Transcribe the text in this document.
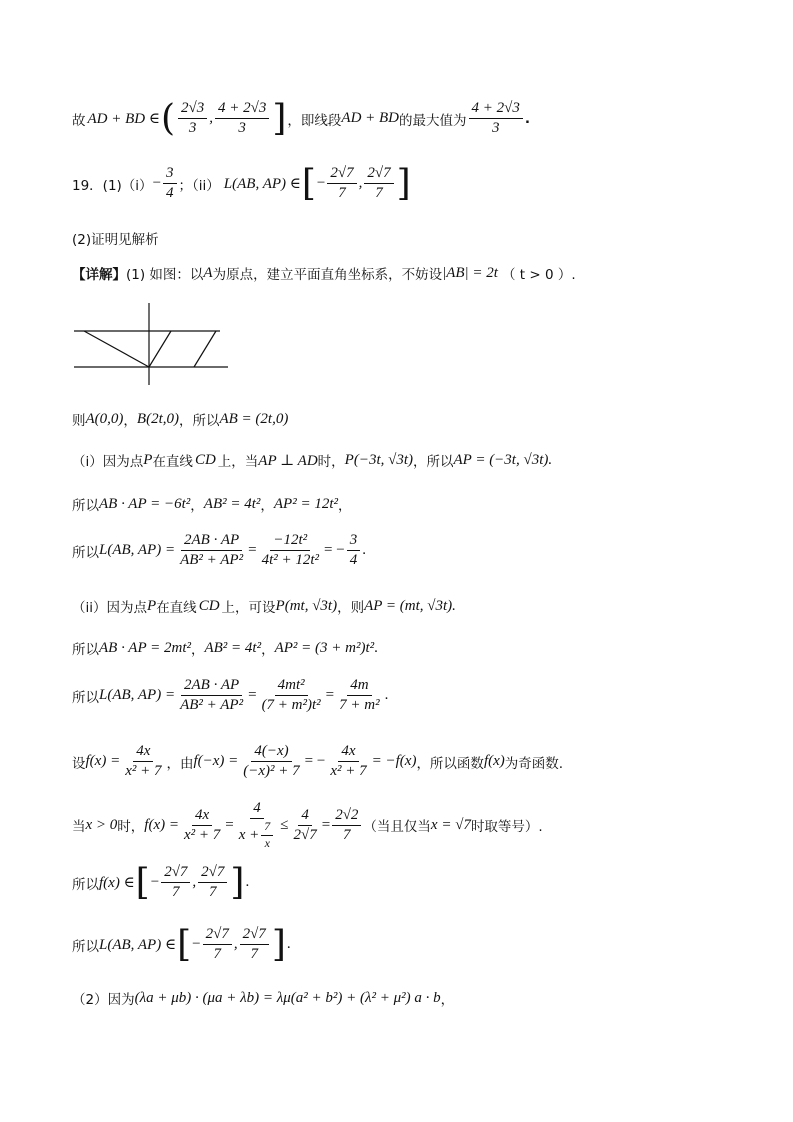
故 AD + BD ∈ ( $\frac{2√3}{3}$ , $\frac{4 + 2√3}{3}$ ] ，即线段 AD + BD 的最大值为 $\frac{4 + 2√3}{3}$ .
19．$(1)(i) - \frac{3}{4}$ ；（ii） L(AB, AP) ∈ [ − $\frac{2√7}{7}$ , $\frac{2√7}{7}$ ]
(2)证明见解析
【详解】 (1) 如图：以 A 为原点，建立平面直角坐标系，不妨设 |AB| = 2t （ t > 0 ）.
则 A(0,0) ， B(2t,0) ，所以 AB = (2t,0)
（i）因为点 P 在直线 CD 上，当 AP ⊥ AD 时， P(−3t, √3t) ，所以 AP = (−3t, √3t).
所以 AB · AP = −6t² ， AB² = 4t² ， AP² = 12t² ，
所以 L(AB, $AP) = \frac{2AB \cdot AP}{\text{AB² + AP²}} = \frac{\text{−12t²}}{\text{4t² + 12t²}}$ = − $\frac{3}{4}$ .
（ii）因为点 P 在直线 CD 上，可设 P(mt, √3t) ，则 AP = (mt, √3t).
所以 AB · AP = 2mt² ， AB² = 4t² ， AP² = (3 + m²)t² .
所以 L(AB, $AP) = \frac{2AB \cdot AP}{\text{AB² + AP²}} = \frac{\text{4mt²}}{\text{(7 + m²)t²}} = \frac{4m}{\text{7 + m²}}$ .
设 $f(x) = \frac{4x}{\text{x² + 7}}$ ，由 $f(-x) = \frac{4(-x)}{\text{(−x)² + 7}}$ = − $\frac{4x}{\text{x² + 7}} = -f(x)$ ，所以函数 f(x) 为奇函数.
当 x > 0 时， $f(x) = \frac{4x}{\text{x² + 7}} = \frac{4}{x + \frac{7}{x}} \le \frac{4}{2√7} = \frac{2√2}{7}$ （当且仅当 x = √7 时取等号）.
所以 f(x) ∈ [ − $\frac{2√7}{7}$ , $\frac{2√7}{7}$ ] .
所以 L(AB, AP) ∈ [ − $\frac{2√7}{7}$ , $\frac{2√7}{7}$ ] .
（2）因为 (λa + μb) · (μa + λb) = λμ(a² + b²) + (λ² + μ²) a · b ，
